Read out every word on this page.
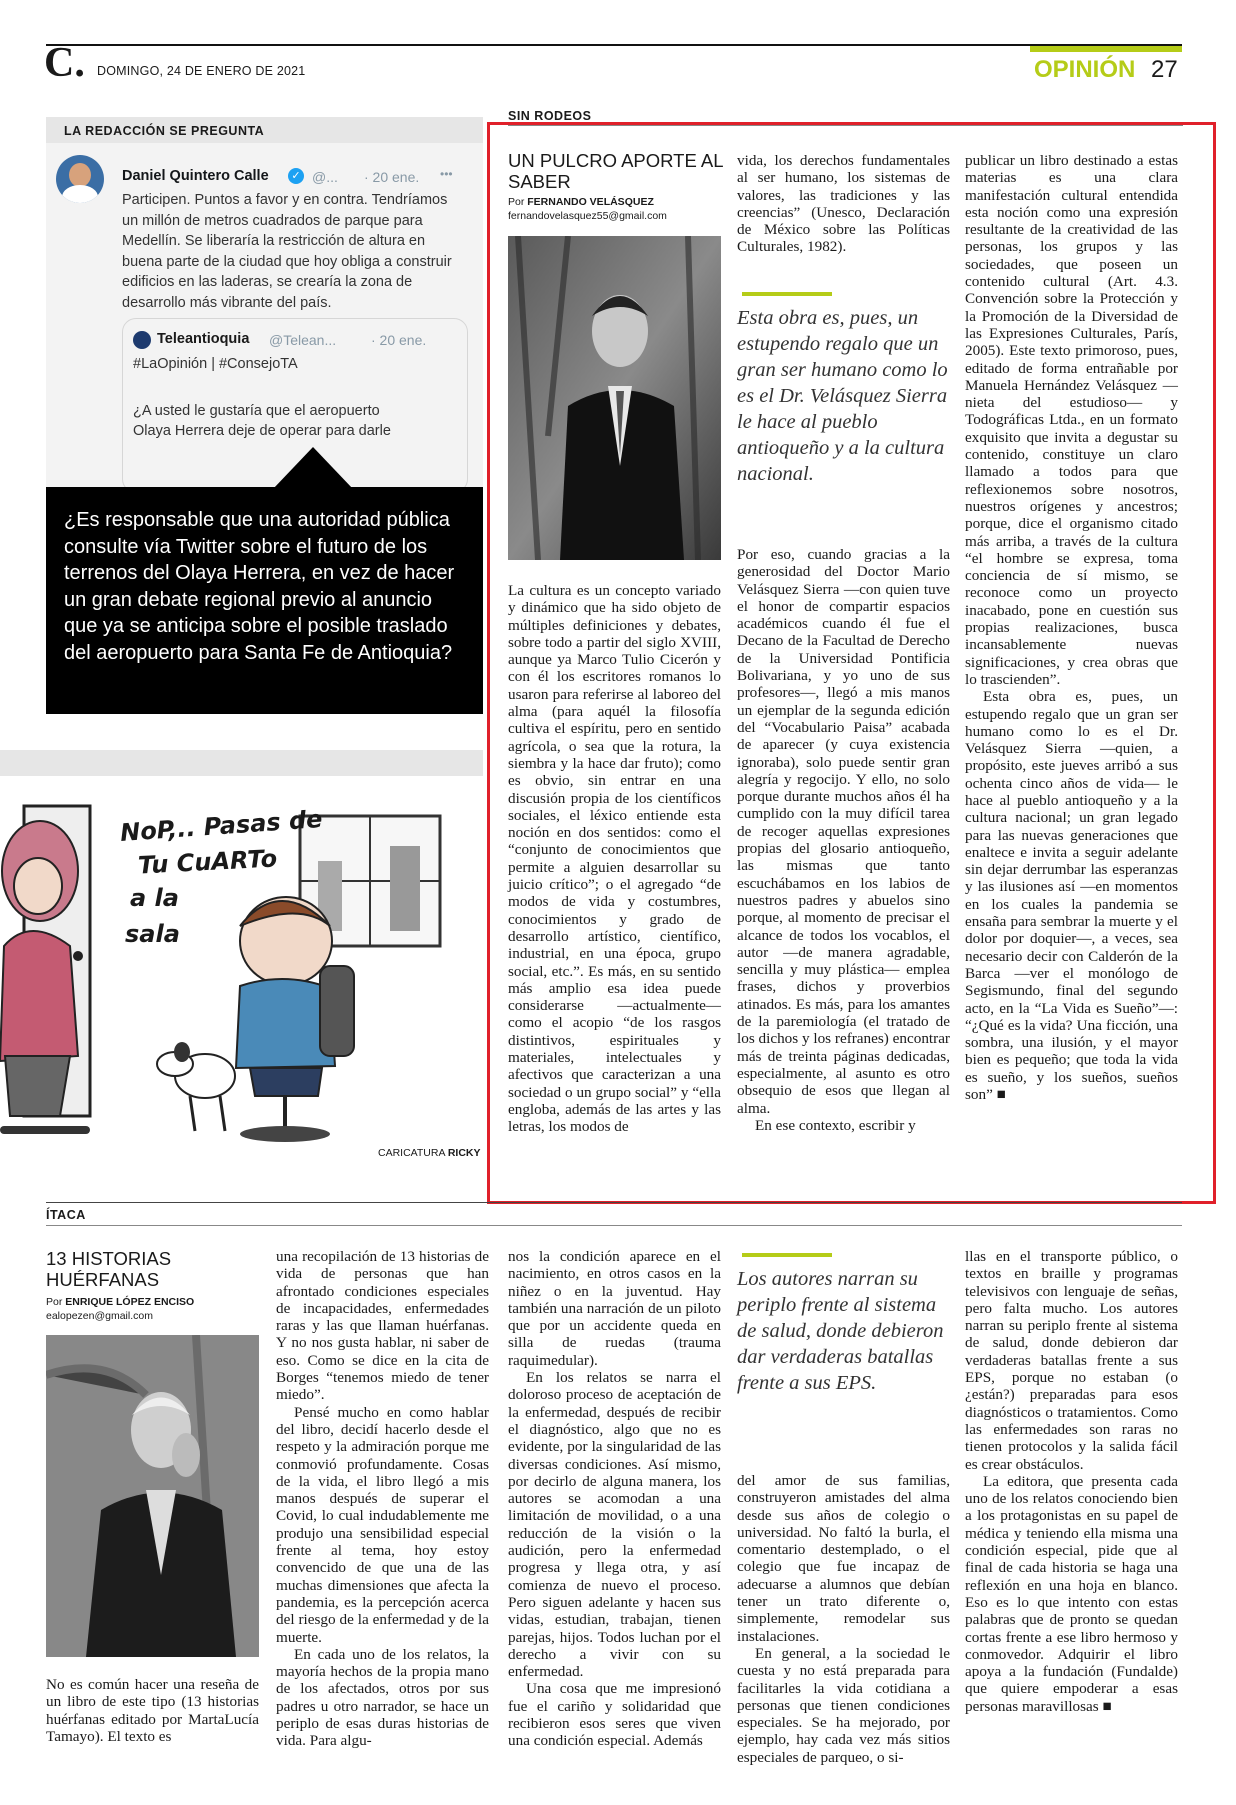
C. DOMINGO, 24 DE ENERO DE 2021	OPINIÓN 27
LA REDACCIÓN SE PREGUNTA
Daniel Quintero Calle	✓ @... · 20 ene. •••
Participen. Puntos a favor y en contra. Tendríamos un millón de metros cuadrados de parque para Medellín. Se liberaría la restricción de altura en buena parte de la ciudad que hoy obliga a construir edificios en las laderas, se crearía la zona de desarrollo más vibrante del país.
Teleantioquia @Telean... · 20 ene.
#LaOpinión | #ConsejoTA
¿A usted le gustaría que el aeropuerto
Olaya Herrera deje de operar para darle
¿Es responsable que una autoridad pública consulte vía Twitter sobre el futuro de los terrenos del Olaya Herrera, en vez de hacer un gran debate regional previo al anuncio que ya se anticipa sobre el posible traslado del aeropuerto para Santa Fe de Antioquia?
NoP,.. Pasas de
Tu CuARTo
a la
sala
CARICATURA RICKY
SIN RODEOS
UN PULCRO APORTE AL SABER
Por FERNANDO VELÁSQUEZ
fernandovelasquez55@gmail.com

La cultura es un concepto variado y dinámico que ha sido objeto de múltiples definiciones y debates, sobre todo a partir del siglo XVIII, aunque ya Marco Tulio Cicerón y con él los escritores romanos lo usaron para referirse al laboreo del alma (para aquél la filosofía cultiva el espíritu, pero en sentido agrícola, o sea que la rotura, la siembra y la hace dar fruto); como es obvio, sin entrar en una discusión propia de los científicos sociales, el léxico entiende esta noción en dos sentidos: como el “conjunto de conocimientos que permite a alguien desarrollar su juicio crítico”; o el agregado “de modos de vida y costumbres, conocimientos y grado de desarrollo artístico, científico, industrial, en una época, grupo social, etc.”. Es más, en su sentido más amplio esa idea puede considerarse —actualmente— como el acopio “de los rasgos distintivos, espirituales y materiales, intelectuales y afectivos que caracterizan a una sociedad o un grupo social” y “ella engloba, además de las artes y las letras, los modos de

vida, los derechos fundamentales al ser humano, los sistemas de valores, las tradiciones y las creencias” (Unesco, Declaración de México sobre las Políticas Culturales, 1982).

Esta obra es, pues, un estupendo regalo que un gran ser humano como lo es el Dr. Velásquez Sierra le hace al pueblo antioqueño y a la cultura nacional.

Por eso, cuando gracias a la generosidad del Doctor Mario Velásquez Sierra —con quien tuve el honor de compartir espacios académicos cuando él fue el Decano de la Facultad de Derecho de la Universidad Pontificia Bolivariana, y yo uno de sus profesores—, llegó a mis manos un ejemplar de la segunda edición del “Vocabulario Paisa” acabada de aparecer (y cuya existencia ignoraba), solo puede sentir gran alegría y regocijo. Y ello, no solo porque durante muchos años él ha cumplido con la muy difícil tarea de recoger aquellas expresiones propias del glosario antioqueño, las mismas que tanto escuchábamos en los labios de nuestros padres y abuelos sino porque, al momento de precisar el alcance de todos los vocablos, el autor —de manera agradable, sencilla y muy plástica— emplea frases, dichos y proverbios atinados. Es más, para los amantes de la paremiología (el tratado de los dichos y los refranes) encontrar más de treinta páginas dedicadas, especialmente, al asunto es otro obsequio de esos que llegan al alma.

En ese contexto, escribir y

publicar un libro destinado a estas materias es una clara manifestación cultural entendida esta noción como una expresión resultante de la creatividad de las personas, los grupos y las sociedades, que poseen un contenido cultural (Art. 4.3. Convención sobre la Protección y la Promoción de la Diversidad de las Expresiones Culturales, París, 2005). Este texto primoroso, pues, editado de forma entrañable por Manuela Hernández Velásquez —nieta del estudioso— y Todográficas Ltda., en un formato exquisito que invita a degustar su contenido, constituye un claro llamado a todos para que reflexionemos sobre nosotros, nuestros orígenes y ancestros; porque, dice el organismo citado más arriba, a través de la cultura “el hombre se expresa, toma conciencia de sí mismo, se reconoce como un proyecto inacabado, pone en cuestión sus propias realizaciones, busca incansablemente nuevas significaciones, y crea obras que lo trascienden”.

Esta obra es, pues, un estupendo regalo que un gran ser humano como lo es el Dr. Velásquez Sierra —quien, a propósito, este jueves arribó a sus ochenta cinco años de vida— le hace al pueblo antioqueño y a la cultura nacional; un gran legado para las nuevas generaciones que enaltece e invita a seguir adelante sin dejar derrumbar las esperanzas y las ilusiones así —en momentos en los cuales la pandemia se ensaña para sembrar la muerte y el dolor por doquier—, a veces, sea necesario decir con Calderón de la Barca —ver el monólogo de Segismundo, final del segundo acto, en la “La Vida es Sueño”—: “¿Qué es la vida? Una ficción, una sombra, una ilusión, y el mayor bien es pequeño; que toda la vida es sueño, y los sueños, sueños son” ■

ÍTACA
13 HISTORIAS HUÉRFANAS
Por ENRIQUE LÓPEZ ENCISO
ealopezen@gmail.com

No es común hacer una reseña de un libro de este tipo (13 historias huérfanas editado por MartaLucía Tamayo). El texto es

una recopilación de 13 historias de vida de personas que han afrontado condiciones especiales de incapacidades, enfermedades raras y las que llaman huérfanas. Y no nos gusta hablar, ni saber de eso. Como se dice en la cita de Borges “tenemos miedo de tener miedo”.

Pensé mucho en como hablar del libro, decidí hacerlo desde el respeto y la admiración porque me conmovió profundamente. Cosas de la vida, el libro llegó a mis manos después de superar el Covid, lo cual indudablemente me produjo una sensibilidad especial frente al tema, hoy estoy convencido de que una de las muchas dimensiones que afecta la pandemia, es la percepción acerca del riesgo de la enfermedad y de la muerte.

En cada uno de los relatos, la mayoría hechos de la propia mano de los afectados, otros por sus padres u otro narrador, se hace un periplo de esas duras historias de vida. Para algu-

nos la condición aparece en el nacimiento, en otros casos en la niñez o en la juventud. Hay también una narración de un piloto que por un accidente queda en silla de ruedas (trauma raquimedular).

En los relatos se narra el doloroso proceso de aceptación de la enfermedad, después de recibir el diagnóstico, algo que no es evidente, por la singularidad de las diversas condiciones. Así mismo, por decirlo de alguna manera, los autores se acomodan a una limitación de movilidad, o a una reducción de la visión o la audición, pero la enfermedad progresa y llega otra, y así comienza de nuevo el proceso. Pero siguen adelante y hacen sus vidas, estudian, trabajan, tienen parejas, hijos. Todos luchan por el derecho a vivir con su enfermedad.

Una cosa que me impresionó fue el cariño y solidaridad que recibieron esos seres que viven una condición especial. Además

Los autores narran su periplo frente al sistema de salud, donde debieron dar verdaderas batallas frente a sus EPS.

del amor de sus familias, construyeron amistades del alma desde sus años de colegio o universidad. No faltó la burla, el comentario destemplado, o el colegio que fue incapaz de adecuarse a alumnos que debían tener un trato diferente o, simplemente, remodelar sus instalaciones.

En general, a la sociedad le cuesta y no está preparada para facilitarles la vida cotidiana a personas que tienen condiciones especiales. Se ha mejorado, por ejemplo, hay cada vez más sitios especiales de parqueo, o si-

llas en el transporte público, o textos en braille y programas televisivos con lenguaje de señas, pero falta mucho. Los autores narran su periplo frente al sistema de salud, donde debieron dar verdaderas batallas frente a sus EPS, porque no estaban (o ¿están?) preparadas para esos diagnósticos o tratamientos. Como las enfermedades son raras no tienen protocolos y la salida fácil es crear obstáculos.

La editora, que presenta cada uno de los relatos conociendo bien a los protagonistas en su papel de médica y teniendo ella misma una condición especial, pide que al final de cada historia se haga una reflexión en una hoja en blanco. Eso es lo que intento con estas palabras que de pronto se quedan cortas frente a ese libro hermoso y conmovedor. Adquirir el libro apoya a la fundación (Fundalde) que quiere empoderar a esas personas maravillosas ■
